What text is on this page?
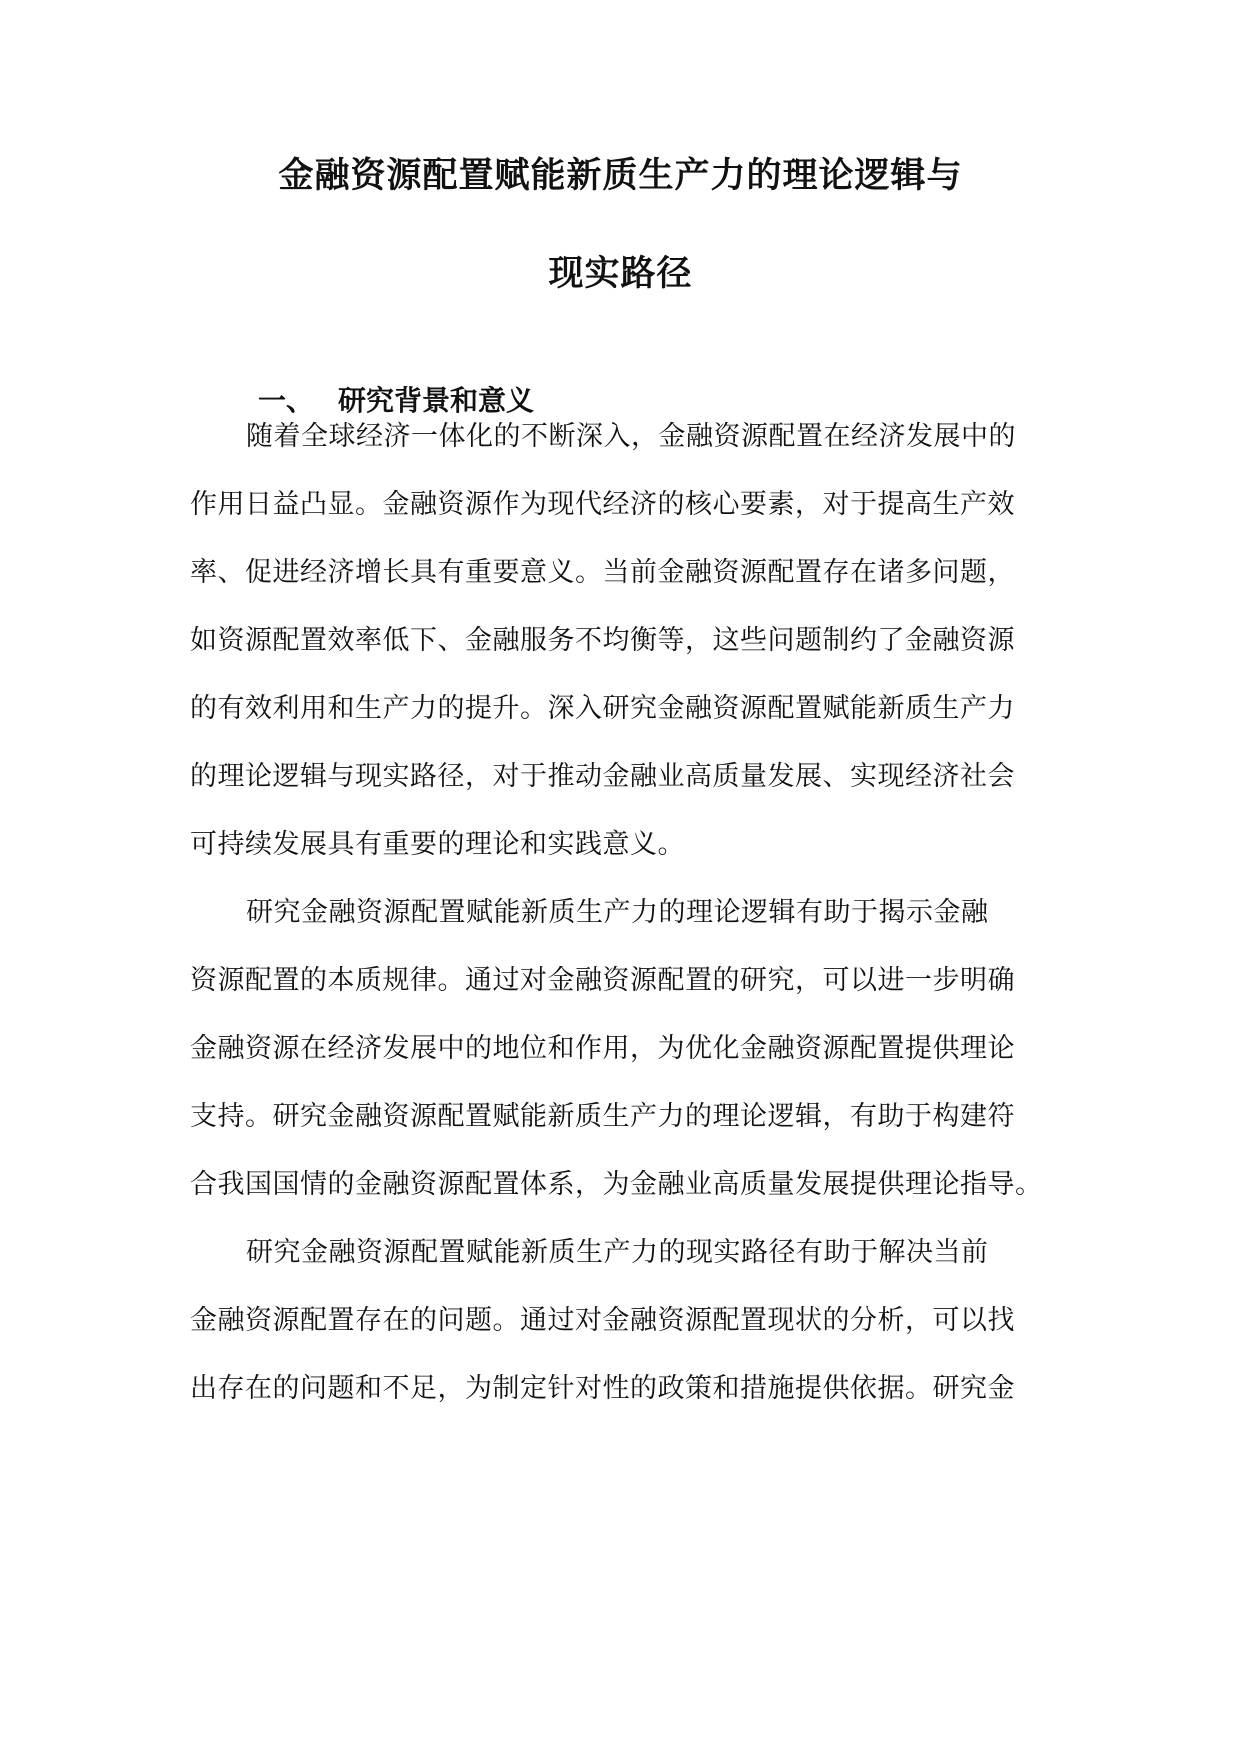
金融资源配置赋能新质生产力的理论逻辑与
现实路径
一、 研究背景和意义
随着全球经济一体化的不断深入，金融资源配置在经济发展中的
作用日益凸显。金融资源作为现代经济的核心要素，对于提高生产效
率、促进经济增长具有重要意义。当前金融资源配置存在诸多问题，
如资源配置效率低下、金融服务不均衡等，这些问题制约了金融资源
的有效利用和生产力的提升。深入研究金融资源配置赋能新质生产力
的理论逻辑与现实路径，对于推动金融业高质量发展、实现经济社会
可持续发展具有重要的理论和实践意义。
研究金融资源配置赋能新质生产力的理论逻辑有助于揭示金融
资源配置的本质规律。通过对金融资源配置的研究，可以进一步明确
金融资源在经济发展中的地位和作用，为优化金融资源配置提供理论
支持。研究金融资源配置赋能新质生产力的理论逻辑，有助于构建符
合我国国情的金融资源配置体系，为金融业高质量发展提供理论指导。
研究金融资源配置赋能新质生产力的现实路径有助于解决当前
金融资源配置存在的问题。通过对金融资源配置现状的分析，可以找
出存在的问题和不足，为制定针对性的政策和措施提供依据。研究金
